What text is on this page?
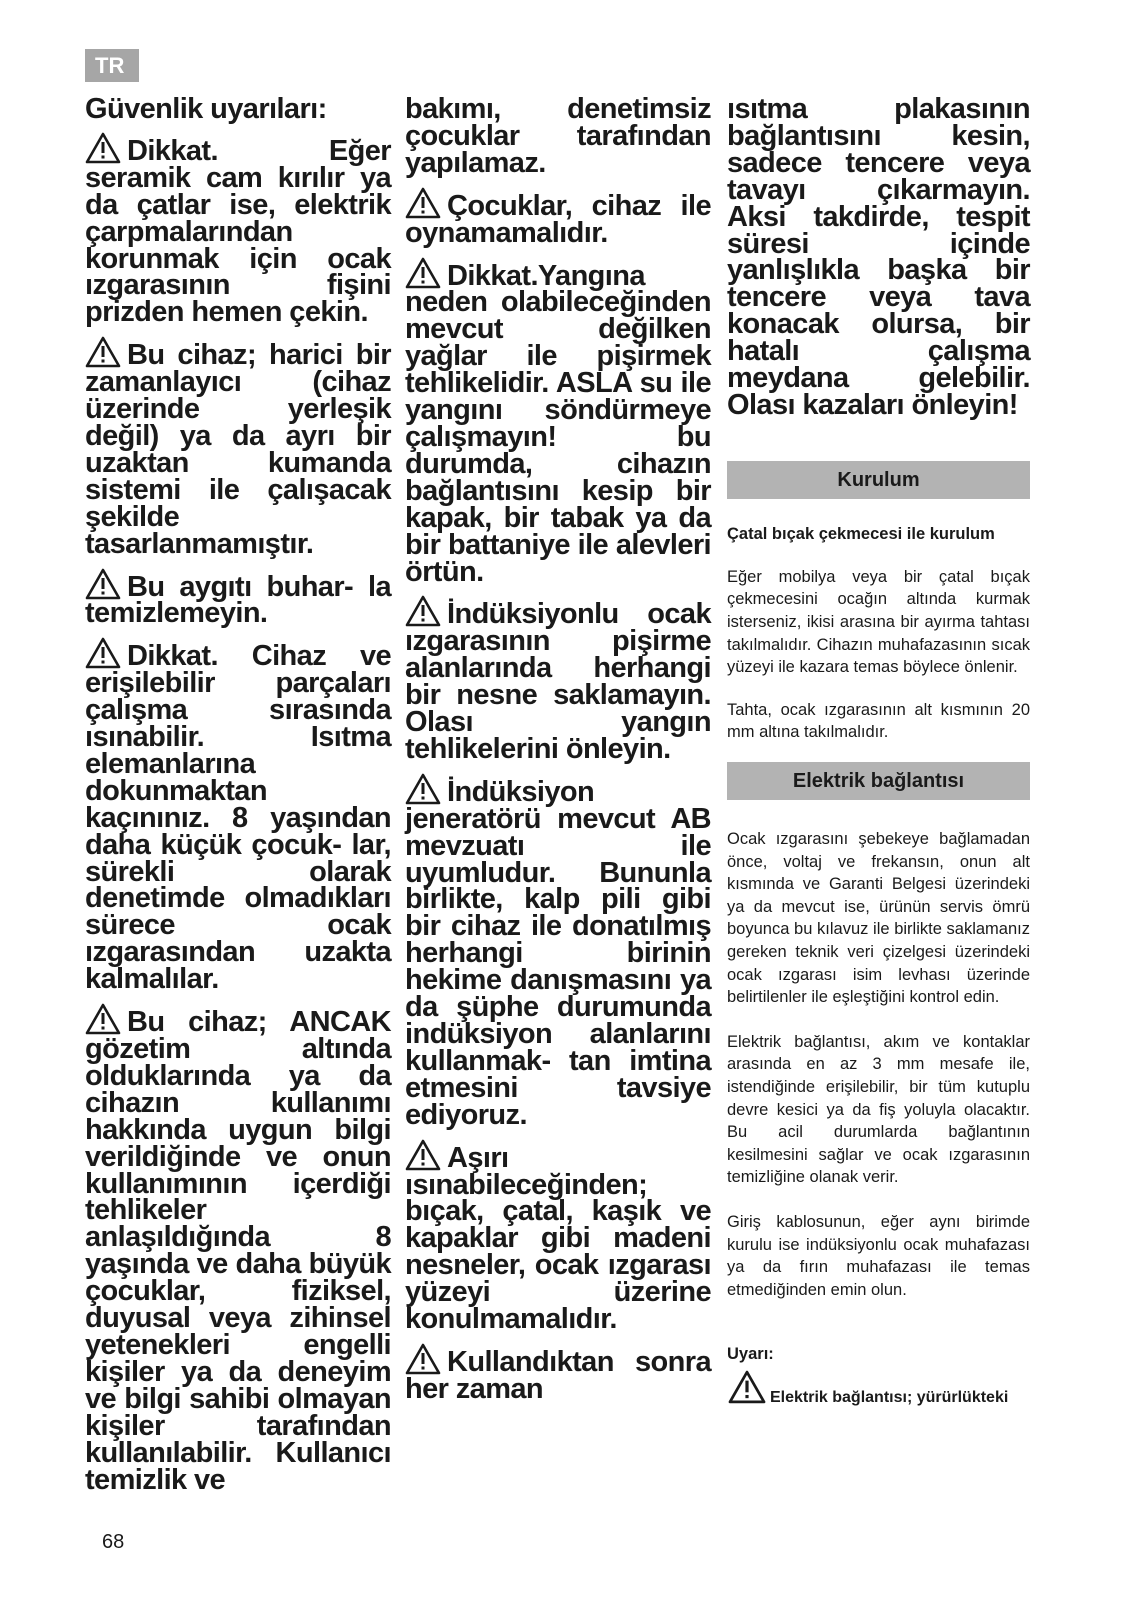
TR
Güvenlik uyarıları:

Dikkat. Eğer seramik cam kırılır ya da çatlar ise, elektrik çarpmalarından korunmak için ocak ızgarasının fişini prizden hemen çekin.

Bu cihaz; harici bir zamanlayıcı (cihaz üzerinde yerleşik değil) ya da ayrı bir uzaktan kumanda sistemi ile çalışacak şekilde tasarlanmamıştır.

Bu aygıtı buhar- la temizlemeyin.

Dikkat. Cihaz ve erişilebilir parçaları çalışma sırasında ısınabilir. Isıtma elemanlarına dokunmaktan kaçınınız. 8 yaşından daha küçük çocuk- lar, sürekli olarak denetimde olmadıkları sürece ocak ızgarasından uzakta kalmalılar.

Bu cihaz; ANCAK gözetim altında olduklarında ya da cihazın kullanımı hakkında uygun bilgi verildiğinde ve onun kullanımının içerdiği tehlikeler anlaşıldığında 8 yaşında ve daha büyük çocuklar, fiziksel, duyusal veya zihinsel yetenekleri engelli kişiler ya da deneyim ve bilgi sahibi olmayan kişiler tarafından kullanılabilir. Kullanıcı temizlik ve

bakımı, denetimsiz çocuklar tarafından yapılamaz.

Çocuklar, cihaz ile oynamamalıdır.

Dikkat.Yangına neden olabileceğinden mevcut değilken yağlar ile pişirmek tehlikelidir. ASLA su ile yangını söndürmeye çalışmayın! bu durumda, cihazın bağlantısını kesip bir kapak, bir tabak ya da bir battaniye ile alevleri örtün.

İndüksiyonlu ocak ızgarasının pişirme alanlarında herhangi bir nesne saklamayın. Olası yangın tehlikelerini önleyin.

İndüksiyon jeneratörü mevcut AB mevzuatı ile uyumludur. Bununla birlikte, kalp pili gibi bir cihaz ile donatılmış herhangi birinin hekime danışmasını ya da şüphe durumunda indüksiyon alanlarını kullanmak- tan imtina etmesini tavsiye ediyoruz.

Aşırı ısınabileceğinden; bıçak, çatal, kaşık ve kapaklar gibi madeni nesneler, ocak ızgarası yüzeyi üzerine konulmamalıdır.

Kullandıktan sonra her zaman

ısıtma plakasının bağlantısını kesin, sadece tencere veya tavayı çıkarmayın. Aksi takdirde, tespit süresi içinde yanlışlıkla başka bir tencere veya tava konacak olursa, bir hatalı çalışma meydana gelebilir. Olası kazaları önleyin!

Kurulum

Çatal bıçak çekmecesi ile kurulum

Eğer mobilya veya bir çatal bıçak çekmecesini ocağın altında kurmak isterseniz, ikisi arasına bir ayırma tahtası takılmalıdır. Cihazın muhafazasının sıcak yüzeyi ile kazara temas böylece önlenir.

Tahta, ocak ızgarasının alt kısmının 20 mm altına takılmalıdır.

Elektrik bağlantısı

Ocak ızgarasını şebekeye bağlamadan önce, voltaj ve frekansın, onun alt kısmında ve Garanti Belgesi üzerindeki ya da mevcut ise, ürünün servis ömrü boyunca bu kılavuz ile birlikte saklamanız gereken teknik veri çizelgesi üzerindeki ocak ızgarası isim levhası üzerinde belirtilenler ile eşleştiğini kontrol edin.

Elektrik bağlantısı, akım ve kontaklar arasında en az 3 mm mesafe ile, istendiğinde erişilebilir, bir tüm kutuplu devre kesici ya da fiş yoluyla olacaktır. Bu acil durumlarda bağlantının kesilmesini sağlar ve ocak ızgarasının temizliğine olanak verir.

Giriş kablosunun, eğer aynı birimde kurulu ise indüksiyonlu ocak muhafazası ya da fırın muhafazası ile temas etmediğinden emin olun.

Uyarı:

Elektrik bağlantısı; yürürlükteki

68
